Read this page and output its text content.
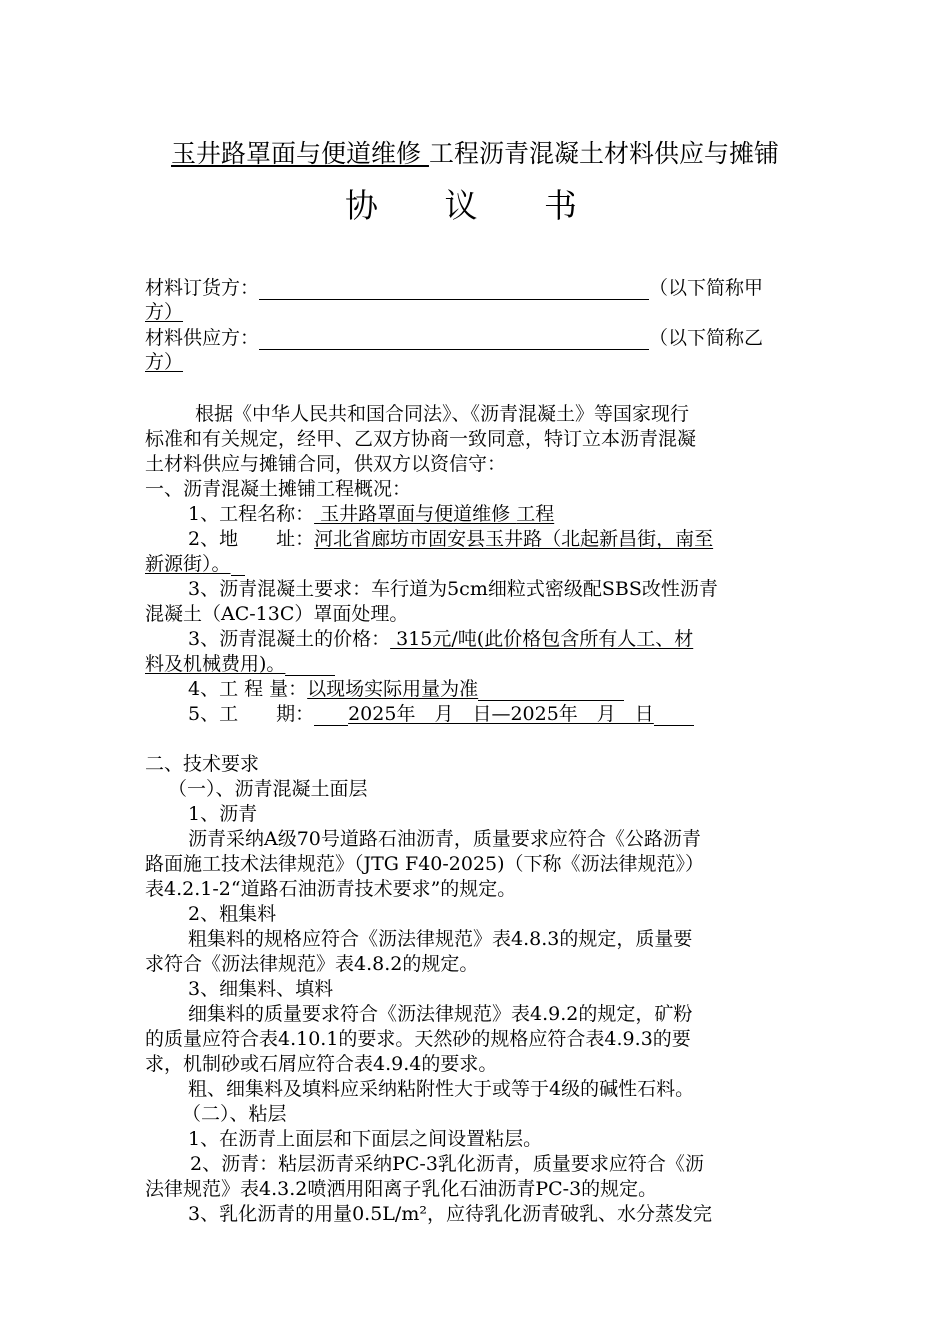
玉井路罩面与便道维修 工程沥青混凝土材料供应与摊铺
协 议 书
材料订货方：	（以下简称甲
方）
材料供应方：	（以下简称乙
方）
根据《中华人民共和国合同法》、《沥青混凝土》等国家现行
标准和有关规定，经甲、乙双方协商一致同意，特订立本沥青混凝
土材料供应与摊铺合同，供双方以资信守：
一、沥青混凝土摊铺工程概况：
1、工程名称： 玉井路罩面与便道维修 工程
2、地　　址：河北省廊坊市固安县玉井路（北起新昌街，南至
新源街）。
3、沥青混凝土要求：车行道为5cm细粒式密级配SBS改性沥青
混凝土（AC-13C）罩面处理。
3、沥青混凝土的价格： 315元/吨(此价格包含所有人工、材
料及机械费用)。
4、工 程 量：以现场实际用量为准
5、工　　期： 2025年　月　日—2025年　月　日
二、技术要求
（一）、沥青混凝土面层
1、沥青
沥青采纳A级70号道路石油沥青，质量要求应符合《公路沥青
路面施工技术法律规范》（JTG F40-2025)（下称《沥法律规范》）
表4.2.1-2“道路石油沥青技术要求”的规定。
2、粗集料
粗集料的规格应符合《沥法律规范》表4.8.3的规定，质量要
求符合《沥法律规范》表4.8.2的规定。
3、细集料、填料
细集料的质量要求符合《沥法律规范》表4.9.2的规定，矿粉
的质量应符合表4.10.1的要求。天然砂的规格应符合表4.9.3的要
求，机制砂或石屑应符合表4.9.4的要求。
粗、细集料及填料应采纳粘附性大于或等于4级的碱性石料。
（二）、粘层
1、在沥青上面层和下面层之间设置粘层。
2、沥青：粘层沥青采纳PC-3乳化沥青，质量要求应符合《沥
法律规范》表4.3.2喷洒用阳离子乳化石油沥青PC-3的规定。
3、乳化沥青的用量0.5L/m²，应待乳化沥青破乳、水分蒸发完
